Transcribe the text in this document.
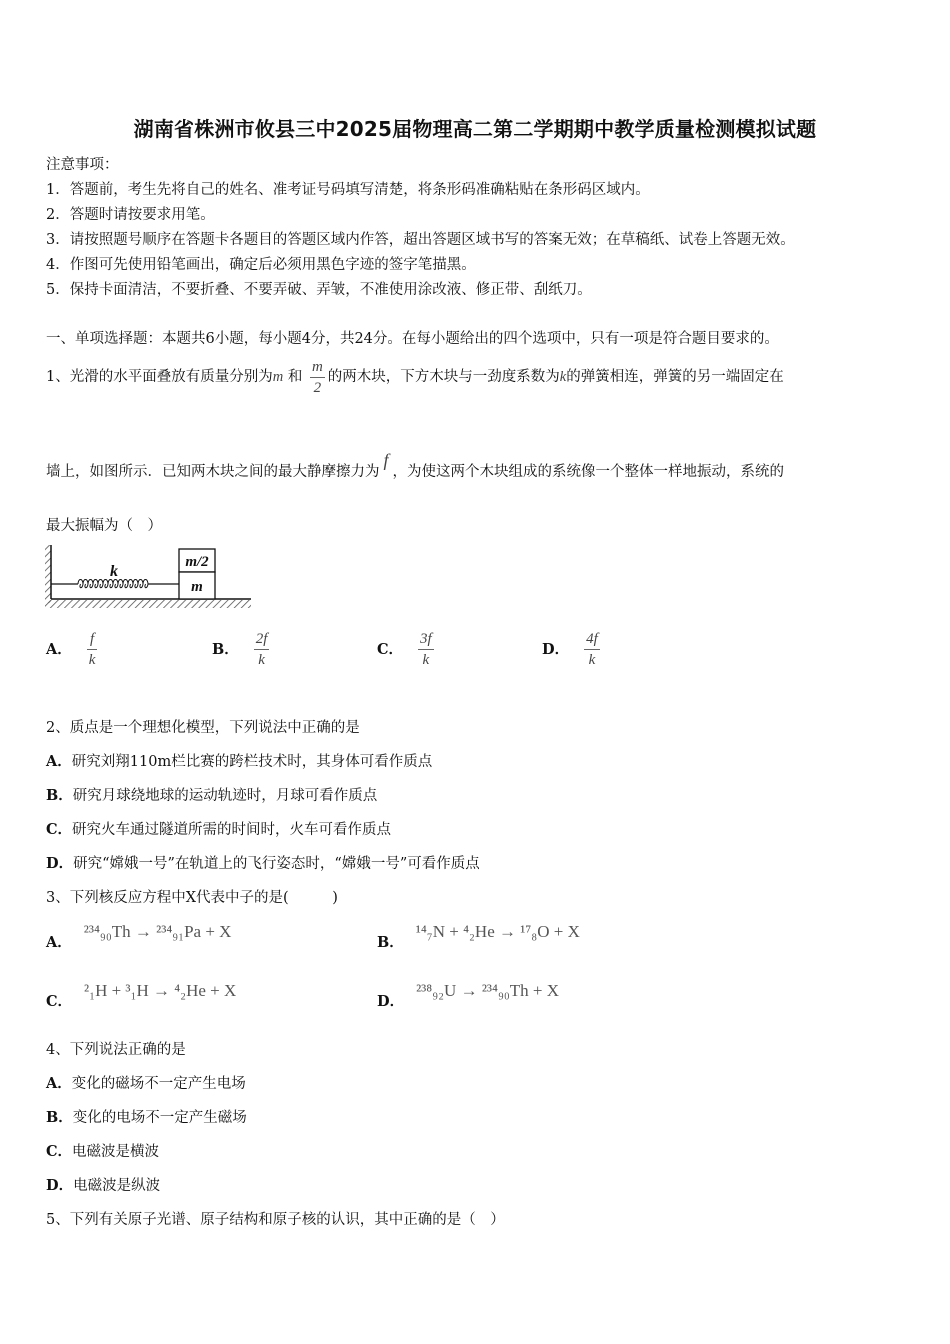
湖南省株洲市攸县三中2025届物理高二第二学期期中教学质量检测模拟试题
注意事项：
1．答题前，考生先将自己的姓名、准考证号码填写清楚，将条形码准确粘贴在条形码区域内。
2．答题时请按要求用笔。
3．请按照题号顺序在答题卡各题目的答题区域内作答，超出答题区域书写的答案无效；在草稿纸、试卷上答题无效。
4．作图可先使用铅笔画出，确定后必须用黑色字迹的签字笔描黑。
5．保持卡面清洁，不要折叠、不要弄破、弄皱，不准使用涂改液、修正带、刮纸刀。
一、单项选择题：本题共6小题，每小题4分，共24分。在每小题给出的四个选项中，只有一项是符合题目要求的。
1、光滑的水平面叠放有质量分别为m 和 $\frac{m}{2}$ 的两木块，下方木块与一劲度系数为k的弹簧相连，弹簧的另一端固定在
墙上，如图所示．已知两木块之间的最大静摩擦力为f，为使这两个木块组成的系统像一个整体一样地振动，系统的
最大振幅为（　）
k
m/2
m
A． $\frac{f}{k}$	B． $\frac{2f}{k}$	C． $\frac{3f}{k}$	D． $\frac{4f}{k}$
2、质点是一个理想化模型，下列说法中正确的是
A．研究刘翔110m栏比赛的跨栏技术时，其身体可看作质点
B．研究月球绕地球的运动轨迹时，月球可看作质点
C．研究火车通过隧道所需的时间时，火车可看作质点
D．研究“嫦娥一号”在轨道上的飞行姿态时，“嫦娥一号”可看作质点
3、下列核反应方程中X代表中子的是(　　　)
A．²³⁴₉₀Th → ²³⁴₉₁Pa + X
B．¹⁴₇N + ⁴₂He → ¹⁷₈O + X
C．²₁H + ³₁H → ⁴₂He + X
D．²³⁸₉₂U → ²³⁴₉₀Th + X
4、下列说法正确的是
A．变化的磁场不一定产生电场
B．变化的电场不一定产生磁场
C．电磁波是横波
D．电磁波是纵波
5、下列有关原子光谱、原子结构和原子核的认识，其中正确的是（　）
